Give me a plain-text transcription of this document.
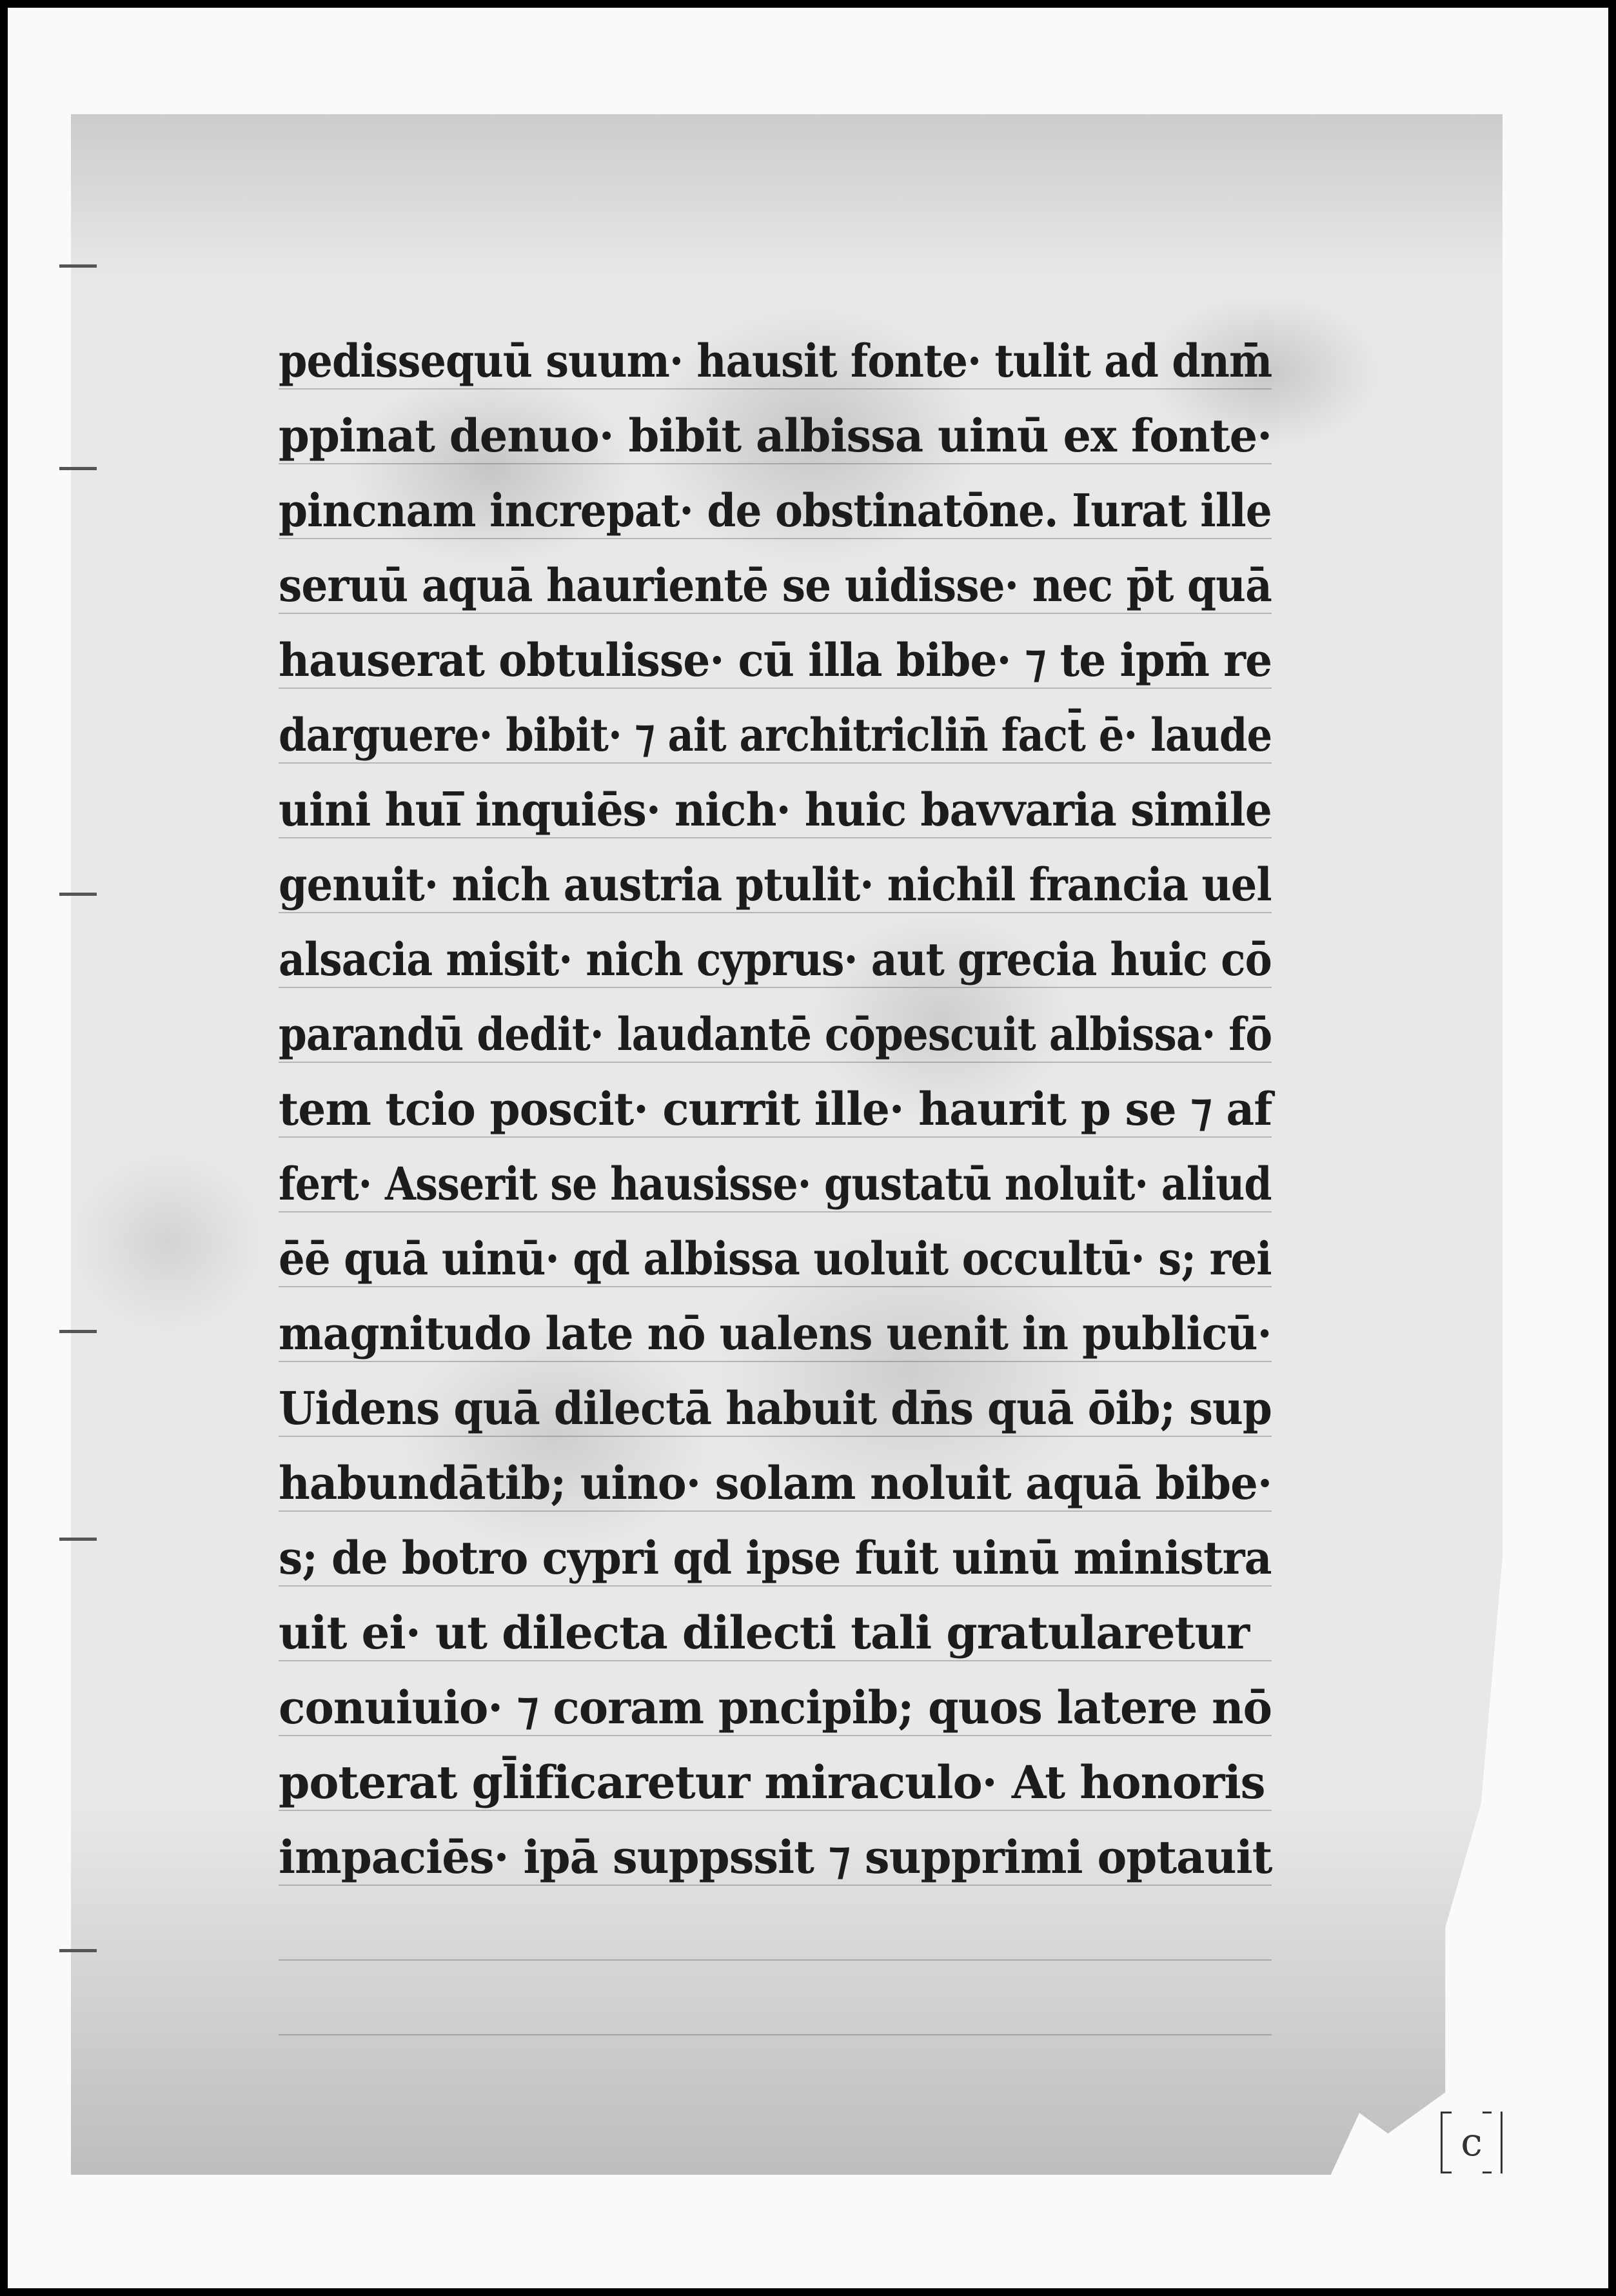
pedissequū suum· hausit fonte· tulit ad dnm̄
ppinat denuo· bibit albissa uinū ex fonte·
pincnam increpat· de obstinatōne. Iurat ille
seruū aquā haurientē se uidisse· nec p̄t quā
hauserat obtulisse· cū illa bibe· ⁊ te ipm̄ re
darguere· bibit· ⁊ ait architriclin̄ fact̄ ē· laude
uini hui̅ inquiēs· nich· huic bavvaria simile
genuit· nich austria ptulit· nichil francia uel
alsacia misit· nich cyprus· aut grecia huic cō
parandū dedit· laudantē cōpescuit albissa· fō
tem tcio poscit· currit ille· haurit p se ⁊ af
fert· Asserit se hausisse· gustatū noluit· aliud
ēē quā uinū· qd albissa uoluit occultū· s; rei
magnitudo late nō ualens uenit in publicū·
Uidens quā dilectā habuit dn̄s quā ōib; sup
habundātib; uino· solam noluit aquā bibe·
s; de botro cypri qd ipse fuit uinū ministra
uit ei· ut dilecta dilecti tali gratularetur
conuiuio· ⁊ coram pncipib; quos latere nō
poterat gl̄ificaretur miraculo· At honoris
impaciēs· ipā suppssit ⁊ supprimi optauit
c
